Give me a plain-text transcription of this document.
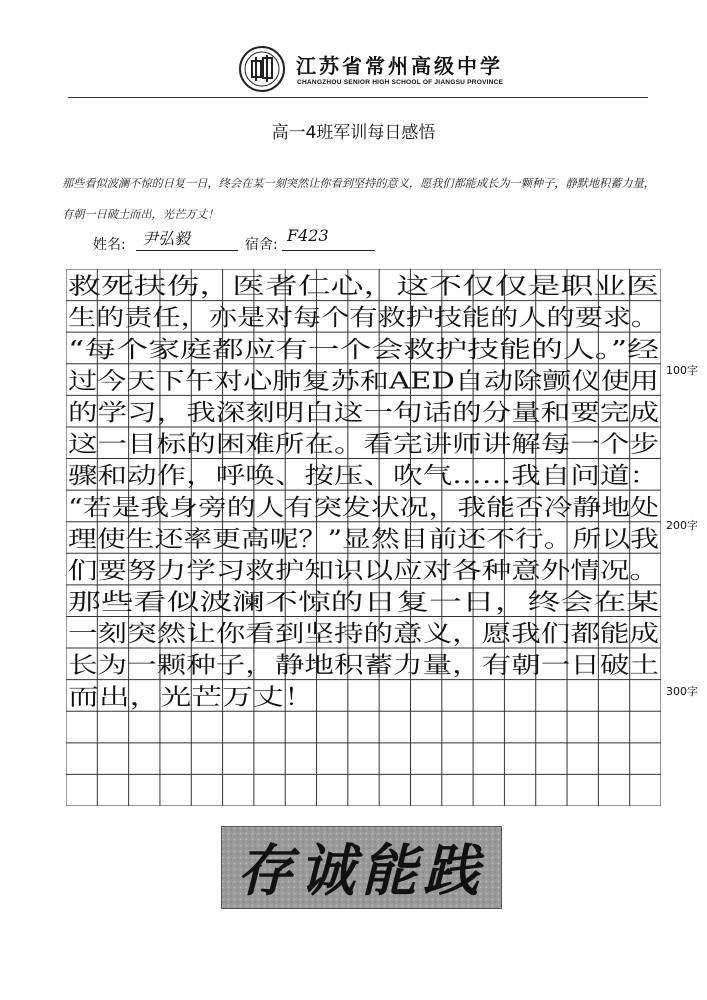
江苏省常州高级中学
CHANGZHOU SENIOR HIGH SCHOOL OF JIANGSU PROVINCE
高一4班军训每日感悟
那些看似波澜不惊的日复一日，终会在某一刻突然让你看到坚持的意义，愿我们都能成长为一颗种子，静默地积蓄力量，有朝一日破土而出，光芒万丈！
姓名: 尹弘毅	宿舍: F423
救死扶伤，医者仁心，这不仅仅是职业医
生的责任，亦是对每个有救护技能的人的要求。
“每个家庭都应有一个会救护技能的人。”经
过今天下午对心肺复苏和AED自动除颤仪使用
的学习，我深刻明白这一句话的分量和要完成
这一目标的困难所在。看完讲师讲解每一个步
骤和动作，呼唤、按压、吹气……我自问道：
“若是我身旁的人有突发状况，我能否冷静地处
理使生还率更高呢？”显然目前还不行。所以我
们要努力学习救护知识以应对各种意外情况。
那些看似波澜不惊的日复一日，终会在某
一刻突然让你看到坚持的意义，愿我们都能成
长为一颗种子，静地积蓄力量，有朝一日破土
而出，光芒万丈！
100字
200字
300字
存诚能践
